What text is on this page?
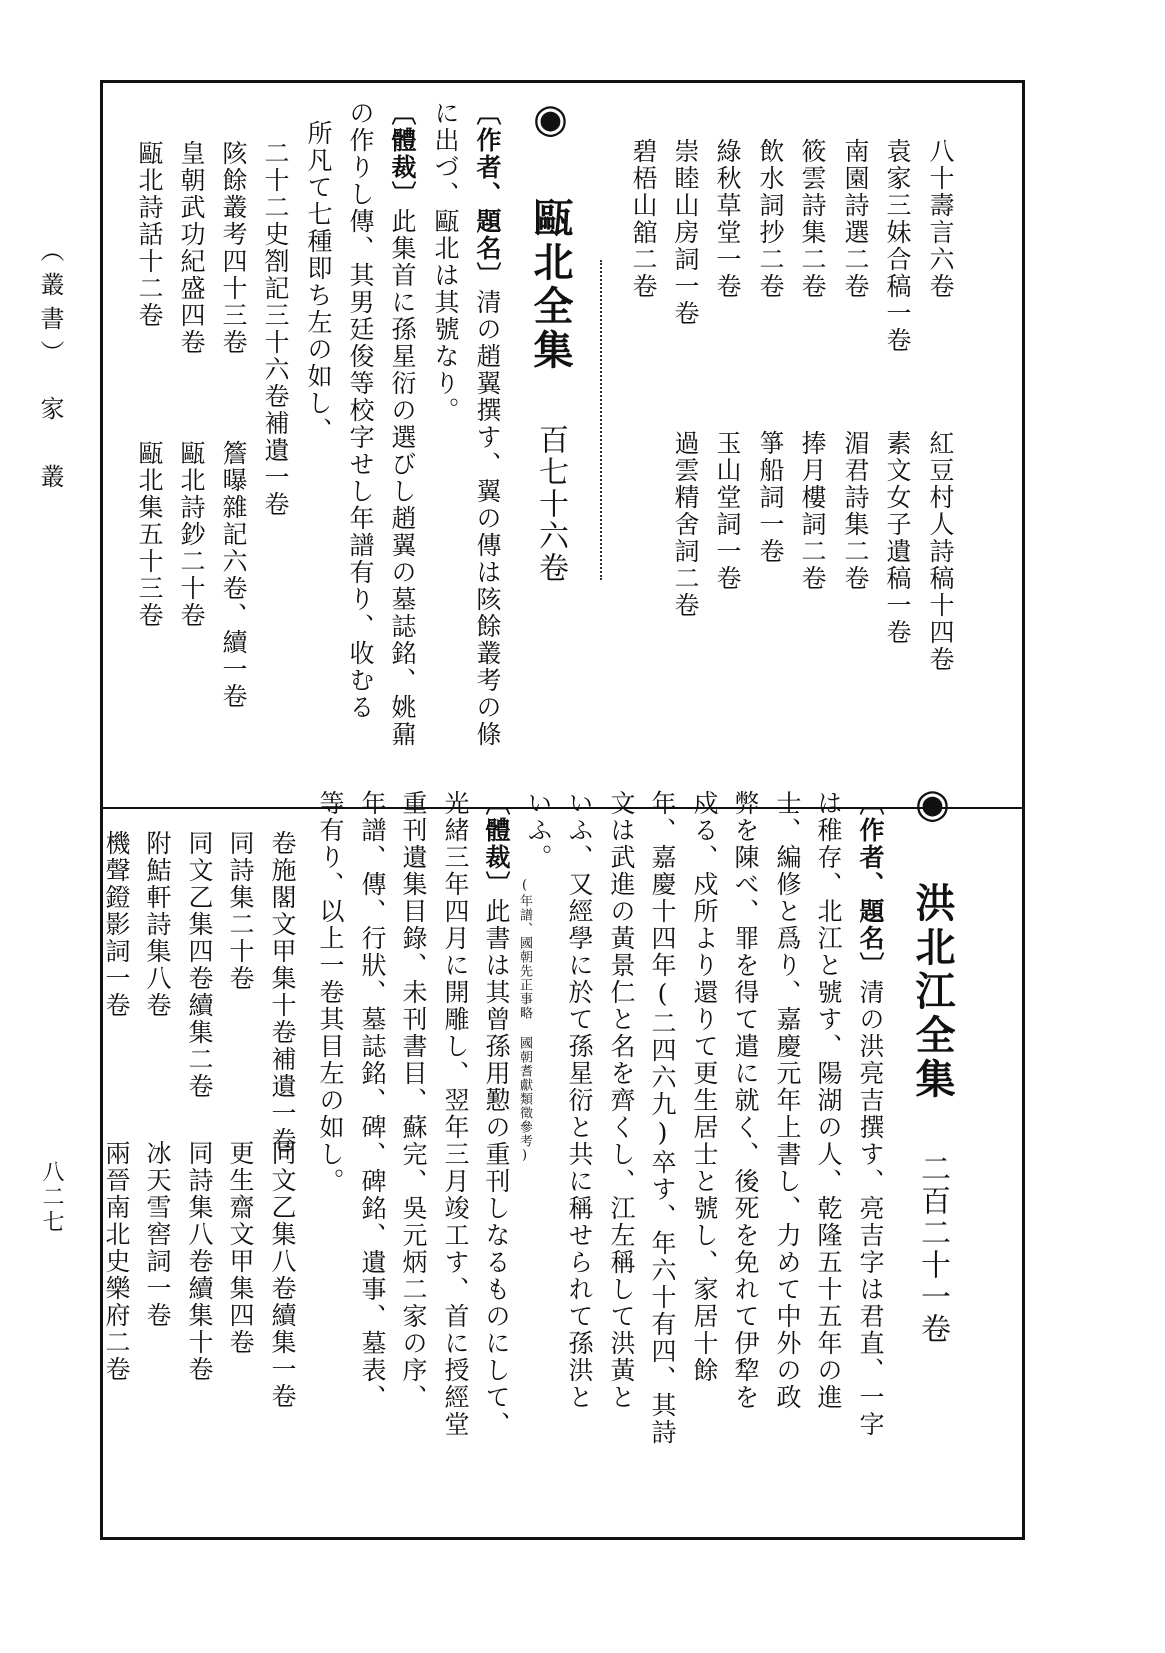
（叢書）　家　叢
八二七
八十壽言六卷
袁家三妹合稿一卷
南園詩選二卷
筱雲詩集二卷
飲水詞抄二卷
綠秋草堂一卷
崇睦山房詞一卷
碧梧山舘二卷
紅豆村人詩稿十四卷
素文女子遺稿一卷
湄君詩集二卷
捧月樓詞二卷
箏船詞一卷
玉山堂詞一卷
過雲精舍詞二卷
◉ 甌北全集 百七十六卷
〔作者、題名〕清の趙翼撰す、翼の傳は陔餘叢考の條
に出づ、甌北は其號なり。
〔體裁〕此集首に孫星衍の選びし趙翼の墓誌銘、姚鼐
の作りし傳、其男廷俊等校字せし年譜有り、收むる
所凡て七種即ち左の如し、
二十二史劄記三十六卷補遺一卷
陔餘叢考四十三卷
皇朝武功紀盛四卷
甌北詩話十二卷
簷曝雜記六卷、續一卷
甌北詩鈔二十卷
甌北集五十三卷
◉ 洪北江全集 二百二十一卷
〔作者、題名〕清の洪亮吉撰す、亮吉字は君直、一字
は稚存、北江と號す、陽湖の人、乾隆五十五年の進
士、編修と爲り、嘉慶元年上書し、力めて中外の政
弊を陳べ、罪を得て遣に就く、後死を免れて伊犂を
戍る、戍所より還りて更生居士と號し、家居十餘
年、嘉慶十四年(二四六九)卒す、年六十有四、其詩
文は武進の黃景仁と名を齊くし、江左稱して洪黃と
いふ、又經學に於て孫星衍と共に稱せられて孫洪と
いふ。
(年譜、國朝先正事略 國朝耆獻類徵參考)
〔體裁〕此書は其曾孫用懃の重刊しなるものにして、
光緒三年四月に開雕し、翌年三月竣工す、首に授經堂
重刊遺集目錄、未刊書目、蘇完、吳元炳二家の序、
年譜、傳、行狀、墓誌銘、碑、碑銘、遺事、墓表、
等有り、以上一卷其目左の如し。
卷施閣文甲集十卷補遺一卷
同詩集二十卷
同文乙集四卷續集二卷
附鮚軒詩集八卷
機聲鐙影詞一卷
同文乙集八卷續集一卷
更生齋文甲集四卷
同詩集八卷續集十卷
冰天雪窖詞一卷
兩晉南北史樂府二卷
